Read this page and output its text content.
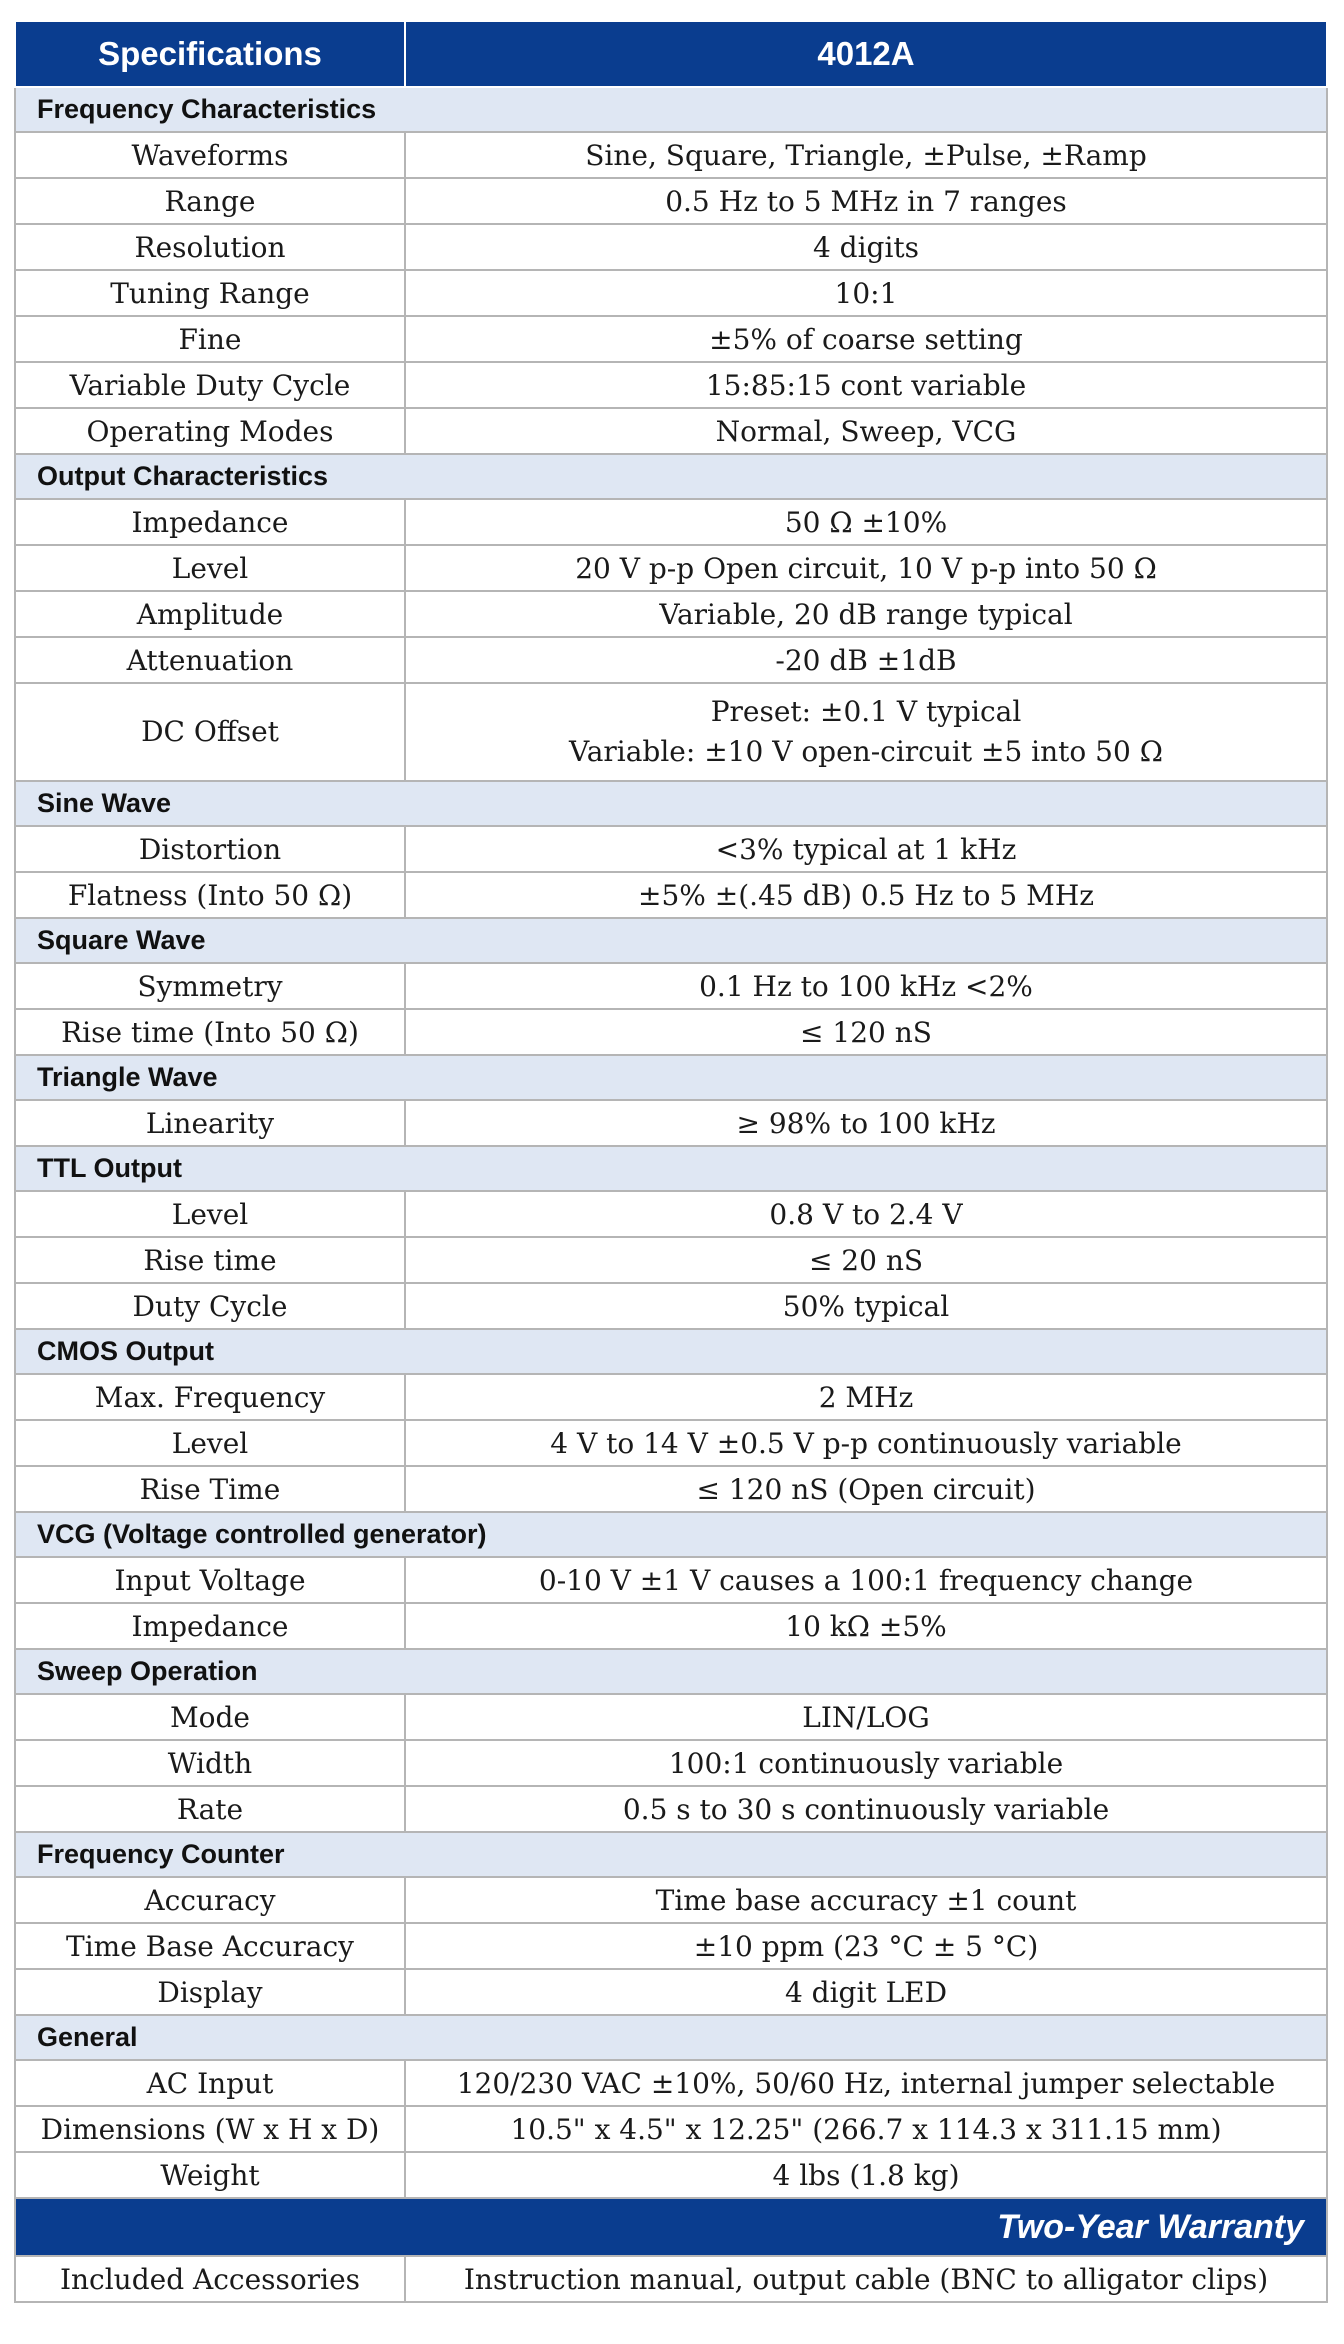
Specifications	4012A
Frequency Characteristics	
Waveforms	Sine, Square, Triangle, ±Pulse, ±Ramp
Range	0.5 Hz to 5 MHz in 7 ranges
Resolution	4 digits
Tuning Range	10:1
Fine	±5% of coarse setting
Variable Duty Cycle	15:85:15 cont variable
Operating Modes	Normal, Sweep, VCG
Output Characteristics	
Impedance	50 Ω ±10%
Level	20 V p-p Open circuit, 10 V p-p into 50 Ω
Amplitude	Variable, 20 dB range typical
Attenuation	-20 dB ±1dB
DC Offset	Preset: ±0.1 V typical
Variable: ±10 V open-circuit ±5 into 50 Ω

Sine Wave	
Distortion	<3% typical at 1 kHz
Flatness (Into 50 Ω)	±5% ±(.45 dB) 0.5 Hz to 5 MHz
Square Wave	
Symmetry	0.1 Hz to 100 kHz <2%
Rise time (Into 50 Ω)	≤ 120 nS
Triangle Wave	
Linearity	≥ 98% to 100 kHz
TTL Output	
Level	0.8 V to 2.4 V
Rise time	≤ 20 nS
Duty Cycle	50% typical
CMOS Output	
Max. Frequency	2 MHz
Level	4 V to 14 V ±0.5 V p-p continuously variable
Rise Time	≤ 120 nS (Open circuit)
VCG (Voltage controlled generator)	
Input Voltage	0-10 V ±1 V causes a 100:1 frequency change
Impedance	10 kΩ ±5%
Sweep Operation	
Mode	LIN/LOG
Width	100:1 continuously variable
Rate	0.5 s to 30 s continuously variable
Frequency Counter	
Accuracy	Time base accuracy ±1 count
Time Base Accuracy	±10 ppm (23 °C ± 5 °C)
Display	4 digit LED
General	
AC Input	120/230 VAC ±10%, 50/60 Hz, internal jumper selectable
Dimensions (W x H x D)	10.5" x 4.5" x 12.25" (266.7 x 114.3 x 311.15 mm)
Weight	4 lbs (1.8 kg)
Two-Year Warranty	
Included Accessories	Instruction manual, output cable (BNC to alligator clips)
